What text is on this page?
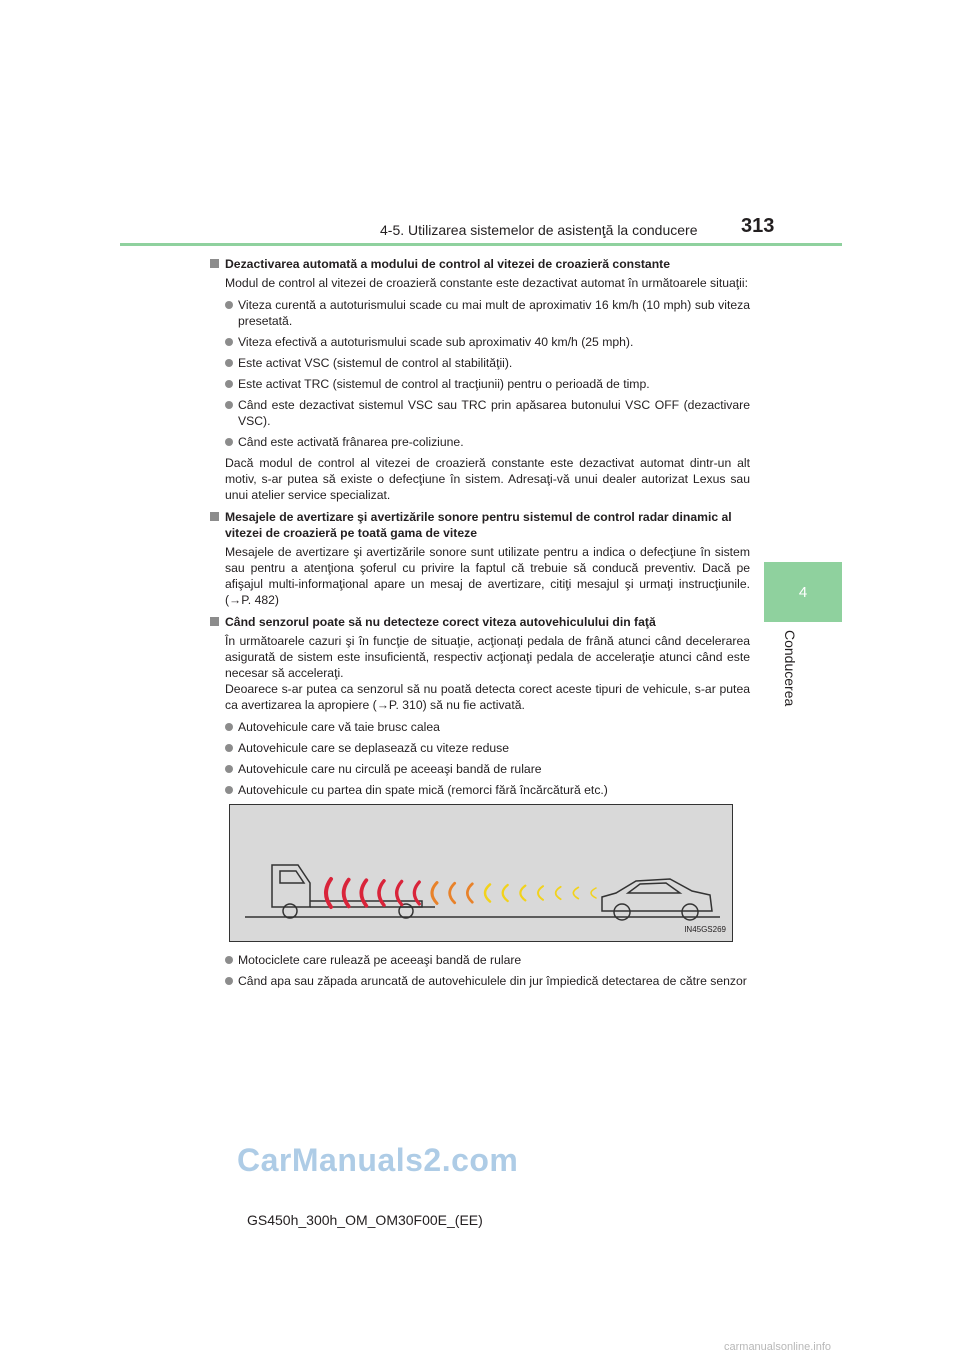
4-5. Utilizarea sistemelor de asistenţă la conducere 313
4
Conducerea
Dezactivarea automată a modului de control al vitezei de croazieră constante
Modul de control al vitezei de croazieră constante este dezactivat automat în următoarele situaţii:
Viteza curentă a autoturismului scade cu mai mult de aproximativ 16 km/h (10 mph) sub viteza presetată.
Viteza efectivă a autoturismului scade sub aproximativ 40 km/h (25 mph).
Este activat VSC (sistemul de control al stabilităţii).
Este activat TRC (sistemul de control al tracţiunii) pentru o perioadă de timp.
Când este dezactivat sistemul VSC sau TRC prin apăsarea butonului VSC OFF (dezactivare VSC).
Când este activată frânarea pre-coliziune.
Dacă modul de control al vitezei de croazieră constante este dezactivat automat dintr-un alt motiv, s-ar putea să existe o defecţiune în sistem. Adresaţi-vă unui dealer autorizat Lexus sau unui atelier service specializat.
Mesajele de avertizare şi avertizările sonore pentru sistemul de control radar dinamic al vitezei de croazieră pe toată gama de viteze
Mesajele de avertizare şi avertizările sonore sunt utilizate pentru a indica o defecţiune în sistem sau pentru a atenţiona şoferul cu privire la faptul că trebuie să conducă preventiv. Dacă pe afişajul multi-informaţional apare un mesaj de avertizare, citiţi mesajul şi urmaţi instrucţiunile. (→P. 482)
Când senzorul poate să nu detecteze corect viteza autovehiculului din faţă
În următoarele cazuri şi în funcţie de situaţie, acţionaţi pedala de frână atunci când decelerarea asigurată de sistem este insuficientă, respectiv acţionaţi pedala de acceleraţie atunci când este necesar să acceleraţi.
Deoarece s-ar putea ca senzorul să nu poată detecta corect aceste tipuri de vehicule, s-ar putea ca avertizarea la apropiere (→P. 310) să nu fie activată.
Autovehicule care vă taie brusc calea
Autovehicule care se deplasează cu viteze reduse
Autovehicule care nu circulă pe aceeaşi bandă de rulare
Autovehicule cu partea din spate mică (remorci fără încărcătură etc.)
IN45GS269
Motociclete care rulează pe aceeaşi bandă de rulare
Când apa sau zăpada aruncată de autovehiculele din jur împiedică detectarea de către senzor
CarManuals2.com
GS450h_300h_OM_OM30F00E_(EE)
carmanualsonline.info
